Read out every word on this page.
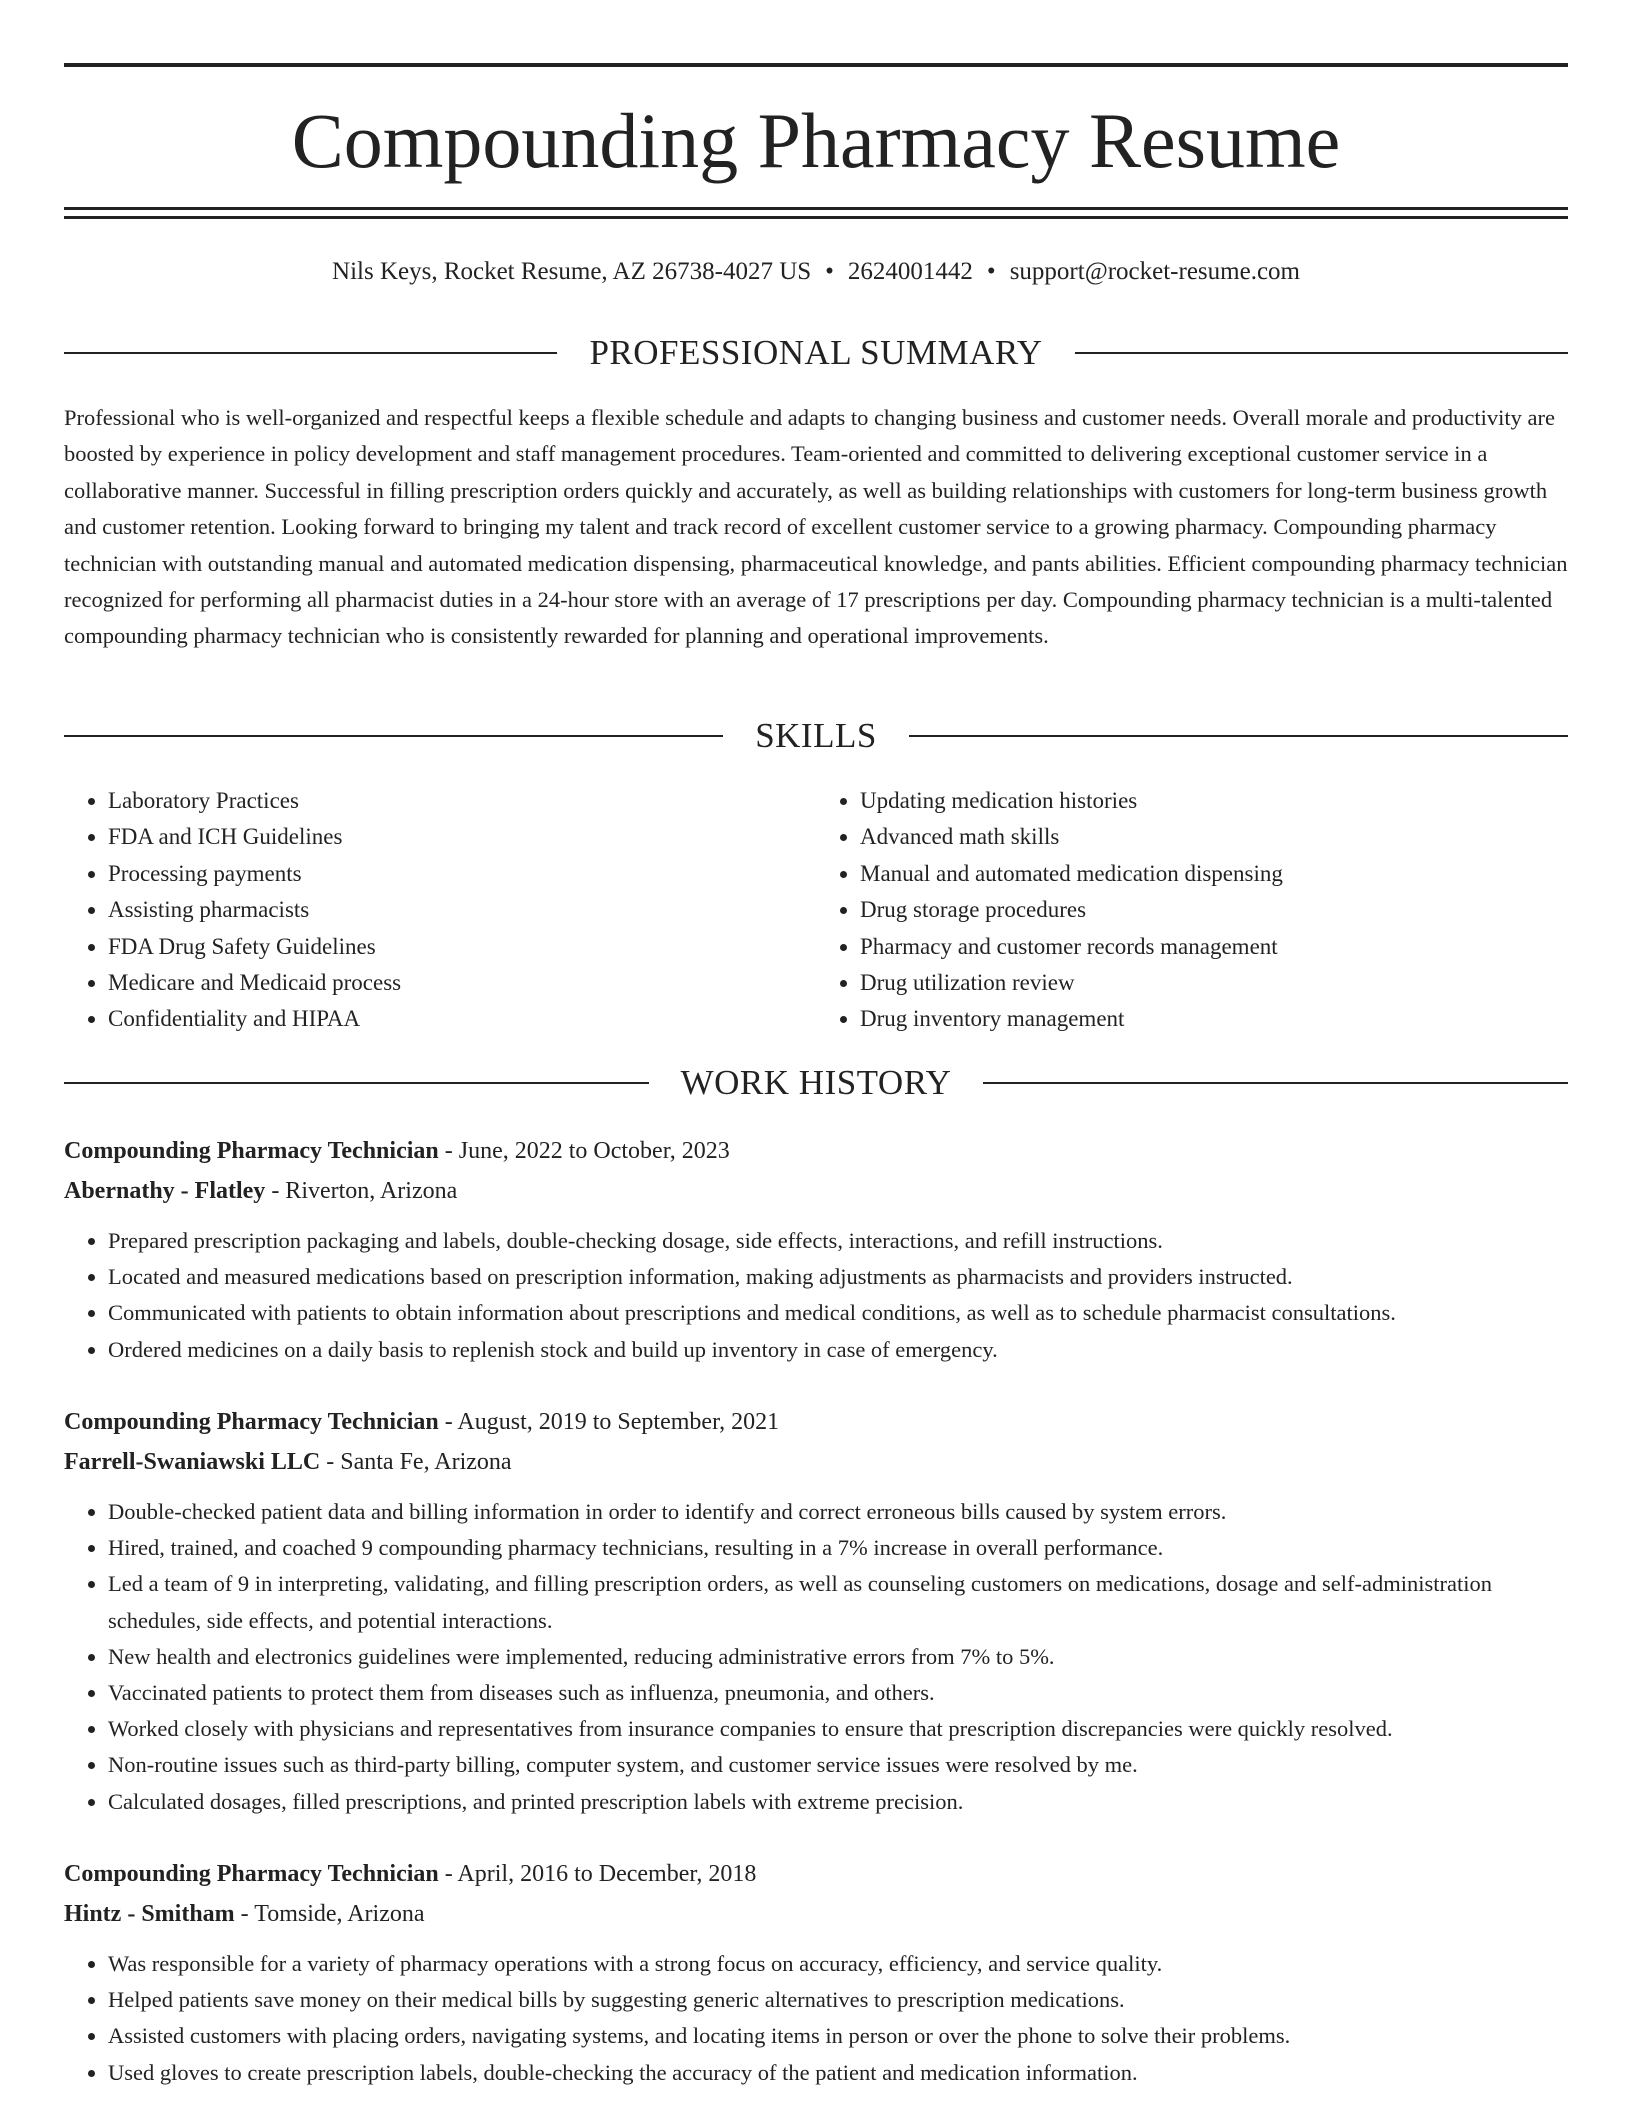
Compounding Pharmacy Resume
Nils Keys, Rocket Resume, AZ 26738-4027 US • 2624001442 • support@rocket-resume.com
PROFESSIONAL SUMMARY

Professional who is well-organized and respectful keeps a flexible schedule and adapts to changing business and customer needs. Overall morale and productivity are boosted by experience in policy development and staff management procedures. Team-oriented and committed to delivering exceptional customer service in a collaborative manner. Successful in filling prescription orders quickly and accurately, as well as building relationships with customers for long-term business growth and customer retention. Looking forward to bringing my talent and track record of excellent customer service to a growing pharmacy. Compounding pharmacy technician with outstanding manual and automated medication dispensing, pharmaceutical knowledge, and pants abilities. Efficient compounding pharmacy technician recognized for performing all pharmacist duties in a 24-hour store with an average of 17 prescriptions per day. Compounding pharmacy technician is a multi-talented compounding pharmacy technician who is consistently rewarded for planning and operational improvements.

SKILLS
• Laboratory Practices
• FDA and ICH Guidelines
• Processing payments
• Assisting pharmacists
• FDA Drug Safety Guidelines
• Medicare and Medicaid process
• Confidentiality and HIPAA
• Updating medication histories
• Advanced math skills
• Manual and automated medication dispensing
• Drug storage procedures
• Pharmacy and customer records management
• Drug utilization review
• Drug inventory management
WORK HISTORY
Compounding Pharmacy Technician - June, 2022 to October, 2023
Abernathy - Flatley - Riverton, Arizona
• Prepared prescription packaging and labels, double-checking dosage, side effects, interactions, and refill instructions.
• Located and measured medications based on prescription information, making adjustments as pharmacists and providers instructed.
• Communicated with patients to obtain information about prescriptions and medical conditions, as well as to schedule pharmacist consultations.
• Ordered medicines on a daily basis to replenish stock and build up inventory in case of emergency.
Compounding Pharmacy Technician - August, 2019 to September, 2021
Farrell-Swaniawski LLC - Santa Fe, Arizona
• Double-checked patient data and billing information in order to identify and correct erroneous bills caused by system errors.
• Hired, trained, and coached 9 compounding pharmacy technicians, resulting in a 7% increase in overall performance.
• Led a team of 9 in interpreting, validating, and filling prescription orders, as well as counseling customers on medications, dosage and self-administration schedules, side effects, and potential interactions.
• New health and electronics guidelines were implemented, reducing administrative errors from 7% to 5%.
• Vaccinated patients to protect them from diseases such as influenza, pneumonia, and others.
• Worked closely with physicians and representatives from insurance companies to ensure that prescription discrepancies were quickly resolved.
• Non-routine issues such as third-party billing, computer system, and customer service issues were resolved by me.
• Calculated dosages, filled prescriptions, and printed prescription labels with extreme precision.
Compounding Pharmacy Technician - April, 2016 to December, 2018
Hintz - Smitham - Tomside, Arizona
• Was responsible for a variety of pharmacy operations with a strong focus on accuracy, efficiency, and service quality.
• Helped patients save money on their medical bills by suggesting generic alternatives to prescription medications.
• Assisted customers with placing orders, navigating systems, and locating items in person or over the phone to solve their problems.
• Used gloves to create prescription labels, double-checking the accuracy of the patient and medication information.
